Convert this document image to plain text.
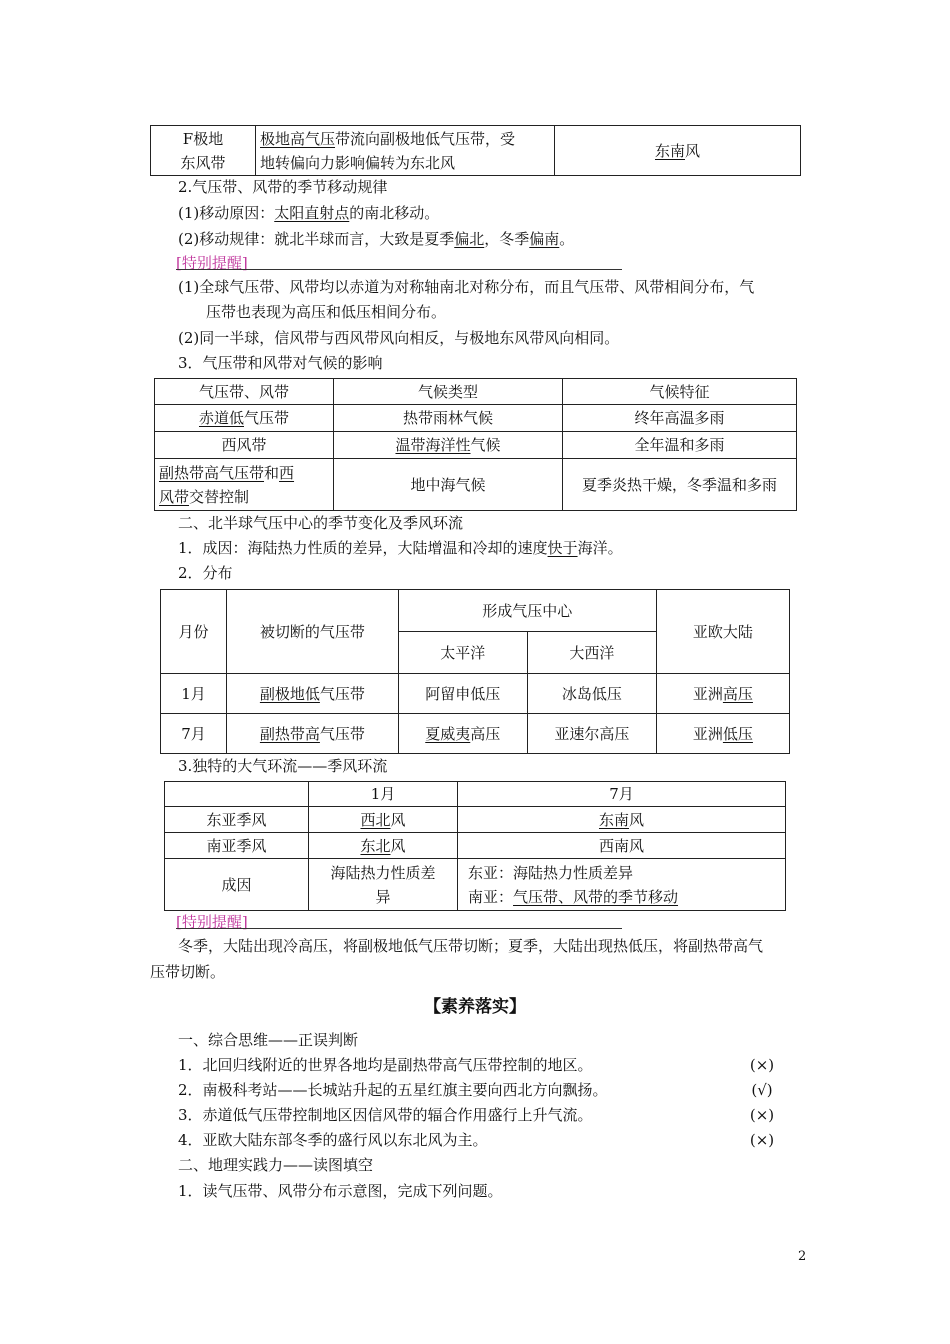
F极地
东风带	极地高气压带流向副极地低气压带，受
地转偏向力影响偏转为东北风	东南风
2.气压带、风带的季节移动规律
(1)移动原因：太阳直射点的南北移动。
(2)移动规律：就北半球而言，大致是夏季偏北，冬季偏南。
[特别提醒]
(1)全球气压带、风带均以赤道为对称轴南北对称分布，而且气压带、风带相间分布，气
压带也表现为高压和低压相间分布。
(2)同一半球，信风带与西风带风向相反，与极地东风带风向相同。
3．气压带和风带对气候的影响
气压带、风带	气候类型	气候特征
赤道低气压带	热带雨林气候	终年高温多雨
西风带	温带海洋性气候	全年温和多雨
副热带高气压带和西
风带交替控制	地中海气候	夏季炎热干燥，冬季温和多雨
二、北半球气压中心的季节变化及季风环流
1．成因：海陆热力性质的差异，大陆增温和冷却的速度快于海洋。
2．分布
月份	被切断的气压带	形成气压中心		亚欧大陆
		太平洋	大西洋	
1月	副极地低气压带	阿留申低压	冰岛低压	亚洲高压
7月	副热带高气压带	夏威夷高压	亚速尔高压	亚洲低压
3.独特的大气环流——季风环流
	1月	7月
东亚季风	西北风	东南风
南亚季风	东北风	西南风
成因	海陆热力性质差
异	东亚：海陆热力性质差异
南亚：气压带、风带的季节移动
[特别提醒]
冬季，大陆出现冷高压，将副极地低气压带切断；夏季，大陆出现热低压，将副热带高气
压带切断。
【素养落实】
一、综合思维——正误判断
1．北回归线附近的世界各地均是副热带高气压带控制的地区。	(×)
2．南极科考站——长城站升起的五星红旗主要向西北方向飘扬。	(√)
3．赤道低气压带控制地区因信风带的辐合作用盛行上升气流。	(×)
4．亚欧大陆东部冬季的盛行风以东北风为主。	(×)
二、地理实践力——读图填空
1．读气压带、风带分布示意图，完成下列问题。
2
